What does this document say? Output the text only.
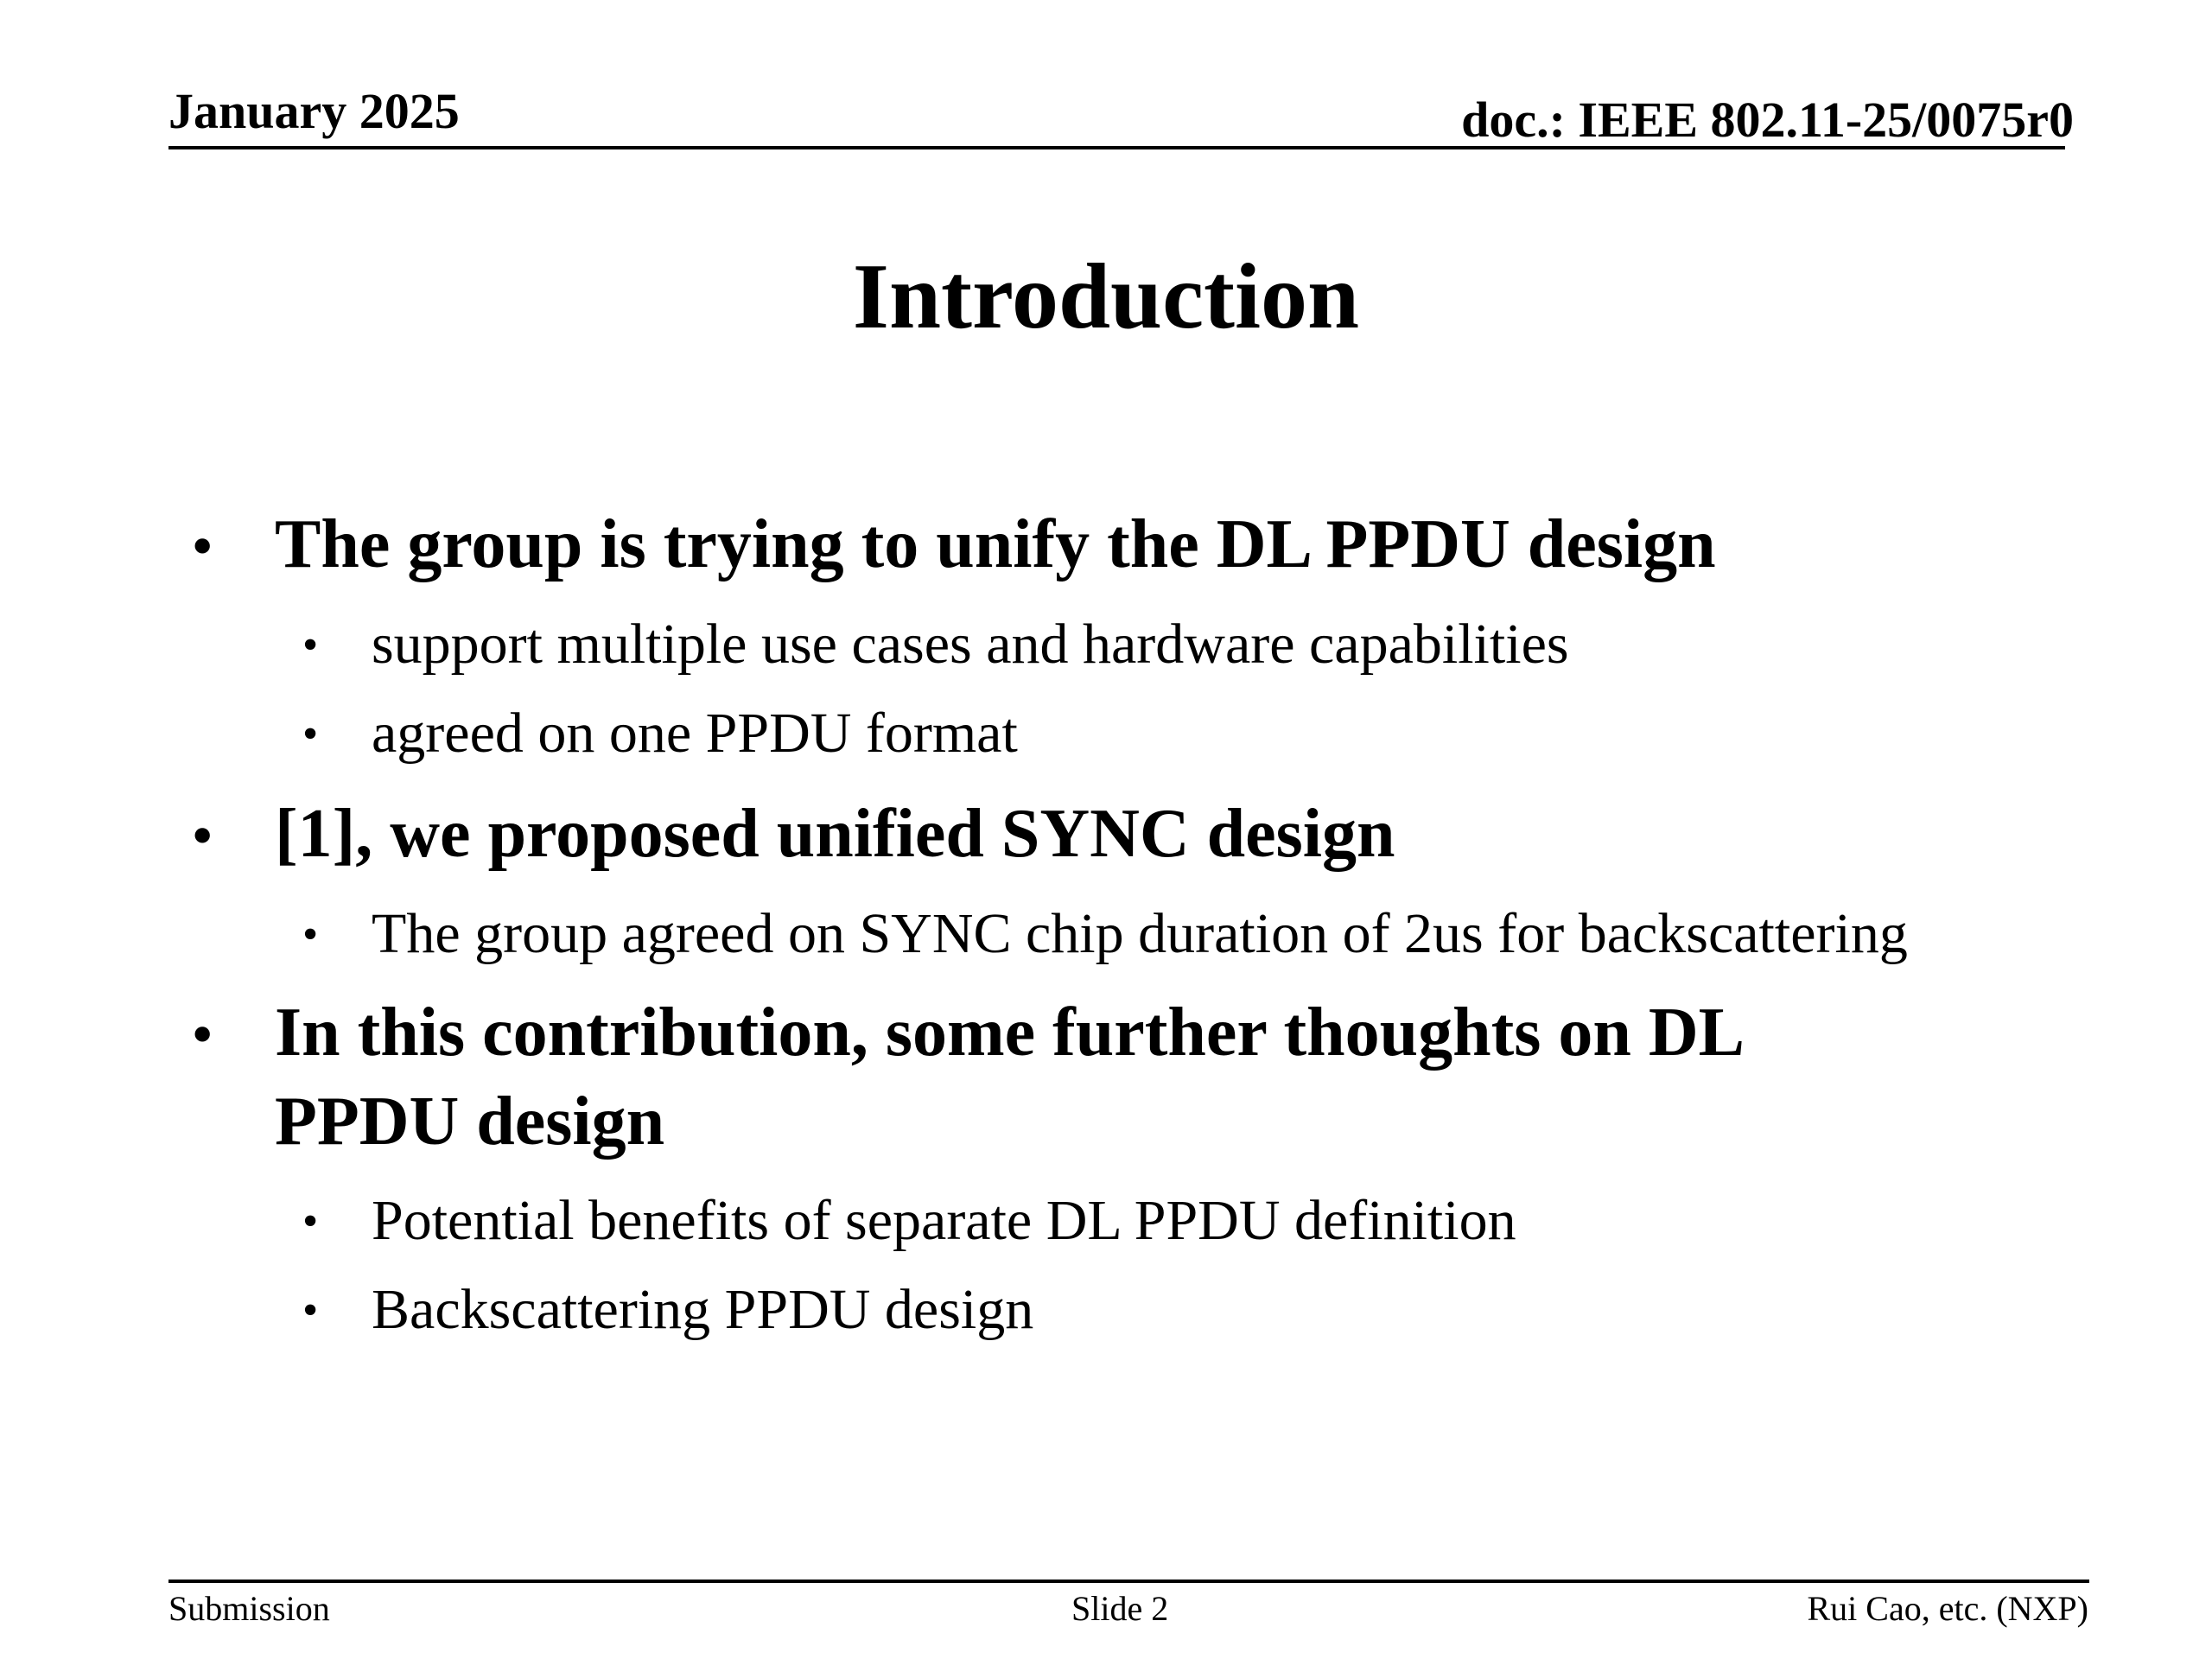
January 2025	doc.: IEEE 802.11-25/0075r0
Introduction
• The group is trying to unify the DL PPDU design
• support multiple use cases and hardware capabilities
• agreed on one PPDU format
• [1], we proposed unified SYNC design
• The group agreed on SYNC chip duration of 2us for backscattering
• In this contribution, some further thoughts on DL
PPDU design
• Potential benefits of separate DL PPDU definition
• Backscattering PPDU design
Submission	Slide 2	Rui Cao, etc. (NXP)
